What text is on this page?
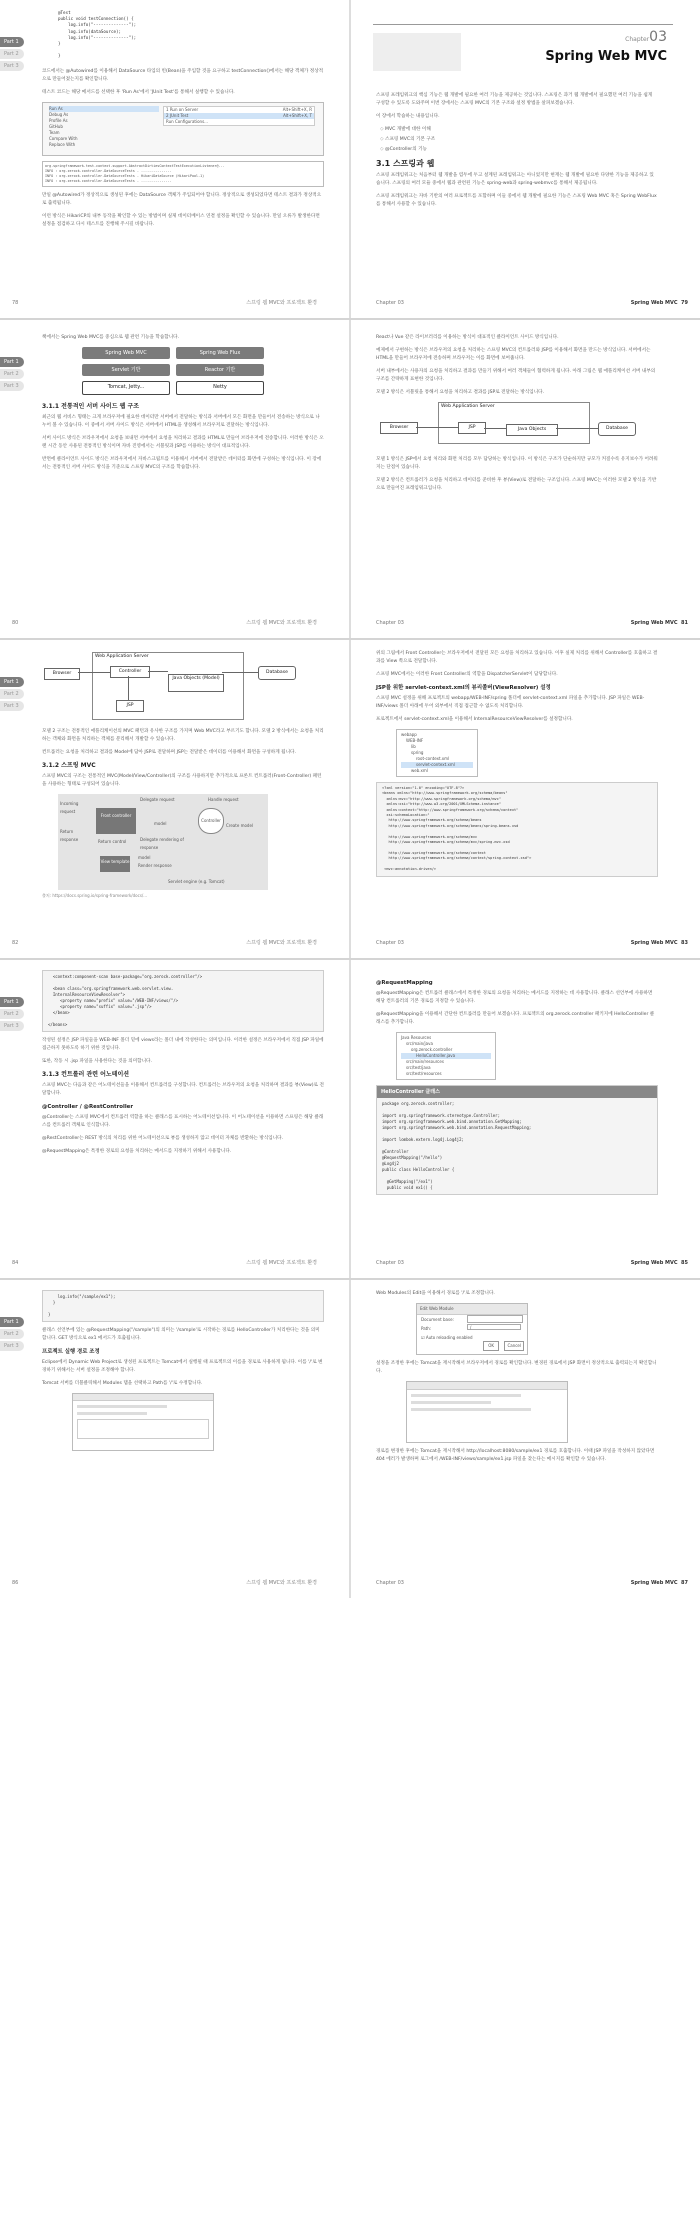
Part 1
Part 2
Part 3
@Test
public void testConnection() {
log.info("--------------");
log.info(dataSource);
log.info("--------------");
}

}

코드에서는 @Autowired를 이용해서 DataSource 타입의 빈(Bean)을 주입할 것을 요구하고 testConnection()에서는 해당 객체가 정상적으로 만들어졌는지를 확인합니다.

테스트 코드는 해당 메서드를 선택한 후 'Run As'에서 'JUnit Test'를 통해서 실행할 수 있습니다.

Run As
Debug As
Profile As
GitHub
Team
Compare With
Replace With
1 Run on Server	Alt+Shift+X, R
2 JUnit Test	Alt+Shift+X, T
Run Configurations...
org.springframework.test.context.support.AbstractDirtiesContextTestExecutionListener@...
INFO : org.zerock.controller.DataSourceTests - ---------------
INFO : org.zerock.controller.DataSourceTests - HikariDataSource (HikariPool-1)
INFO : org.zerock.controller.DataSourceTests - ---------------

만일 @Autowired가 정상적으로 생성된 후에는 DataSource 객체가 주입되어야 합니다. 정상적으로 생성되었다면 테스트 결과가 정상적으로 출력됩니다.

이런 방식은 HikariCP의 내부 동작을 확인할 수 있는 방법이며 실제 데이터베이스 연결 설정을 확인할 수 있습니다. 만일 오류가 발생한다면 설정을 점검하고 다시 테스트를 진행해 주시길 바랍니다.

78	스프링 웹 MVC와 프로젝트 환경
Chapter03
Spring Web MVC

스프링 프레임워크의 핵심 기능은 웹 개발에 필요한 여러 기능을 제공하는 것입니다. 스프링은 과거 웹 개발에서 필요했던 여러 기능을 쉽게 구성할 수 있도록 도와주며 이번 장에서는 스프링 MVC의 기본 구조와 설정 방법을 살펴보겠습니다.

이 장에서 학습하는 내용입니다.

◇ MVC 개발에 대한 이해
◇ 스프링 MVC의 기본 구조
◇ @Controller의 기능
3.1 스프링과 웹

스프링 프레임워크는 처음부터 웹 개발을 염두에 두고 설계된 프레임워크는 아니었지만 현재는 웹 개발에 필요한 다양한 기능을 제공하고 있습니다. 스프링의 여러 모듈 중에서 웹과 관련된 기능은 spring-web과 spring-webmvc를 통해서 제공됩니다.

스프링 프레임워크는 자바 기반의 여러 프로젝트를 포함하며 이들 중에서 웹 개발에 필요한 기능은 스프링 Web MVC 혹은 Spring WebFlux를 통해서 사용할 수 있습니다.

Chapter 03	Spring Web MVC 79
Part 1
Part 2
Part 3

책에서는 Spring Web MVC를 중심으로 웹 관련 기능을 학습합니다.

Spring Web MVC	Spring Web Flux
Servlet 기반	Reactor 기반
Tomcat, Jetty...	Netty
3.1.1 전통적인 서버 사이드 웹 구조

최근의 웹 서비스 형태는 크게 브라우저에 필요한 데이터만 서버에서 전달하는 방식과 서버에서 모든 화면을 만들어서 전송하는 방식으로 나누어 볼 수 있습니다. 이 중에서 서버 사이드 방식은 서버에서 HTML을 생성해서 브라우저로 전달하는 방식입니다.

서버 사이드 방식은 브라우저에서 요청을 보내면 서버에서 요청을 처리하고 결과를 HTML로 만들어 브라우저에 전송합니다. 이러한 방식은 오랜 시간 동안 사용된 전통적인 방식이며 자바 진영에서는 서블릿과 JSP를 이용하는 방식이 대표적입니다.

반면에 클라이언트 사이드 방식은 브라우저에서 자바스크립트를 이용해서 서버에서 전달받은 데이터를 화면에 구성하는 방식입니다. 이 장에서는 전통적인 서버 사이드 방식을 기준으로 스프링 MVC의 구조를 학습합니다.

80	스프링 웹 MVC와 프로젝트 환경

React나 Vue 같은 라이브러리를 이용하는 방식이 대표적인 클라이언트 사이드 방식입니다.

예제에서 구현하는 방식은 브라우저의 요청을 처리하는 스프링 MVC의 컨트롤러와 JSP를 이용해서 화면을 만드는 방식입니다. 서버에서는 HTML을 만들어 브라우저에 전송하며 브라우저는 이를 화면에 보여줍니다.

서버 내부에서는 사용자의 요청을 처리하고 결과를 만들기 위해서 여러 객체들이 협력하게 됩니다. 아래 그림은 웹 애플리케이션 서버 내부의 구조를 간략하게 표현한 것입니다.

모델 2 방식은 서블릿을 통해서 요청을 처리하고 결과를 JSP로 전달하는 방식입니다.

Web Application Server
Browser	JSP	Java Objects	Database

모델 1 방식은 JSP에서 요청 처리와 화면 처리를 모두 담당하는 방식입니다. 이 방식은 구조가 단순하지만 규모가 커질수록 유지보수가 어려워지는 단점이 있습니다.

모델 2 방식은 컨트롤러가 요청을 처리하고 데이터를 준비한 후 뷰(View)로 전달하는 구조입니다. 스프링 MVC는 이러한 모델 2 방식을 기반으로 만들어진 프레임워크입니다.

Chapter 03	Spring Web MVC 81
Part 1
Part 2
Part 3
Web Application Server
Browser	Controller
Java Objects (Model)
JSP
Database

모델 2 구조는 전통적인 애플리케이션의 MVC 패턴과 유사한 구조를 가지며 Web MVC라고 부르기도 합니다. 모델 2 방식에서는 요청을 처리하는 객체와 화면을 처리하는 객체를 분리해서 개발할 수 있습니다.

컨트롤러는 요청을 처리하고 결과를 Model에 담아 JSP로 전달하며 JSP는 전달받은 데이터를 이용해서 화면을 구성하게 됩니다.

3.1.2 스프링 MVC

스프링 MVC의 구조는 전통적인 MVC(Model/View/Controller)의 구조를 사용하지만 추가적으로 프론트 컨트롤러(Front-Controller) 패턴을 사용하는 형태로 구성되어 있습니다.

Incoming request
Return response
Front controller
Delegate request	Handle request
Controller
model	Create model
Return control	Delegate rendering of response
model
Render response
View template
Servlet engine (e.g. Tomcat)
출처: https://docs.spring.io/spring-framework/docs/...
82	스프링 웹 MVC와 프로젝트 환경

위의 그림에서 Front Controller는 브라우저에서 전달된 모든 요청을 처리하고 있습니다. 이후 실제 처리를 위해서 Controller를 호출하고 결과를 View 쪽으로 전달합니다.

스프링 MVC에서는 이러한 Front Controller의 역할을 DispatcherServlet이 담당합니다.

JSP를 위한 servlet-context.xml의 뷰리졸버(ViewResolver) 설정

스프링 MVC 설정을 위해 프로젝트의 webapp/WEB-INF/spring 폴더에 servlet-context.xml 파일을 추가합니다. JSP 파일은 WEB-INF/views 폴더 아래에 두어 외부에서 직접 접근할 수 없도록 처리합니다.

프로젝트에서 servlet-context.xml을 이용해서 InternalResourceViewResolver를 설정합니다.

webapp
WEB-INF
lib
spring
root-context.xml
servlet-context.xml
web.xml
<?xml version="1.0" encoding="UTF-8"?>
<beans xmlns="http://www.springframework.org/schema/beans"
xmlns:mvc="http://www.springframework.org/schema/mvc"
xmlns:xsi="http://www.w3.org/2001/XMLSchema-instance"
xmlns:context="http://www.springframework.org/schema/context"
xsi:schemaLocation="
http://www.springframework.org/schema/beans
http://www.springframework.org/schema/beans/spring-beans.xsd

http://www.springframework.org/schema/mvc
http://www.springframework.org/schema/mvc/spring-mvc.xsd

http://www.springframework.org/schema/context
http://www.springframework.org/schema/context/spring-context.xsd">

<mvc:annotation-driven/>
Chapter 03	Spring Web MVC 83
Part 1
Part 2
Part 3
<context:component-scan base-package="org.zerock.controller"/>

<bean class="org.springframework.web.servlet.view.
InternalResourceViewResolver">
<property name="prefix" value="/WEB-INF/views/"/>
<property name="suffix" value=".jsp"/>
</bean>

</beans>

작성된 설정은 JSP 파일들을 WEB-INF 폴더 밑에 views라는 폴더 내에 작성한다는 의미입니다. 이러한 설정은 브라우저에서 직접 JSP 파일에 접근하지 못하도록 하기 위한 것입니다.

또한, 작동 시 .jsp 파일을 사용한다는 것을 의미합니다.

3.1.3 컨트롤러 관련 어노테이션

스프링 MVC는 다음과 같은 어노테이션들을 이용해서 컨트롤러를 구성합니다. 컨트롤러는 브라우저의 요청을 처리하며 결과를 뷰(View)로 전달합니다.

@Controller / @RestController

@Controller는 스프링 MVC에서 컨트롤러 역할을 하는 클래스를 표시하는 어노테이션입니다. 이 어노테이션을 이용하면 스프링은 해당 클래스를 컨트롤러 객체로 인식합니다.

@RestController는 REST 방식의 처리를 위한 어노테이션으로 뷰를 생성하지 않고 데이터 자체를 반환하는 방식입니다.

@RequestMapping은 특정한 경로의 요청을 처리하는 메서드를 지정하기 위해서 사용합니다.

84	스프링 웹 MVC와 프로젝트 환경
@RequestMapping

@RequestMapping은 컨트롤러 클래스에서 특정한 경로의 요청을 처리하는 메서드를 지정하는 데 사용합니다. 클래스 선언부에 사용하면 해당 컨트롤러의 기본 경로를 지정할 수 있습니다.

@RequestMapping을 이용해서 간단한 컨트롤러를 만들어 보겠습니다. 프로젝트의 org.zerock.controller 패키지에 HelloController 클래스를 추가합니다.

Java Resources
src/main/java
org.zerock.controller
HelloController.java
src/main/resources
src/test/java
src/test/resources
HelloController 클래스
package org.zerock.controller;

import org.springframework.stereotype.Controller;
import org.springframework.web.bind.annotation.GetMapping;
import org.springframework.web.bind.annotation.RequestMapping;

import lombok.extern.log4j.Log4j2;

@Controller
@RequestMapping("/hello")
@Log4j2
public class HelloController {

@GetMapping("/ex1")
public void ex1() {
Chapter 03	Spring Web MVC 85
Part 1
Part 2
Part 3
log.info("/sample/ex1");
}

}

클래스 선언부에 있는 @RequestMapping("/sample")의 의미는 '/sample'로 시작하는 경로를 HelloController가 처리한다는 것을 의미합니다. GET 방식으로 ex1 메서드가 호출됩니다.

프로젝트 실행 경로 조정

Eclipse에서 Dynamic Web Project로 생성된 프로젝트는 Tomcat에서 실행될 때 프로젝트의 이름을 경로로 사용하게 됩니다. 이를 '/'로 변경하기 위해서는 서버 설정을 조정해야 합니다.

Tomcat 서버를 더블클릭해서 Modules 탭을 선택하고 Path를 '/'로 수정합니다.

86	스프링 웹 MVC와 프로젝트 환경

Web Modules의 Edit을 이용해서 경로를 '/'로 조정합니다.

Edit Web Module
Document base:
Path:	/
☑ Auto reloading enabled
OK	Cancel

설정을 조정한 후에는 Tomcat을 재시작해서 브라우저에서 경로를 확인합니다. 변경된 경로에서 JSP 화면이 정상적으로 출력되는지 확인합니다.

경로를 변경한 후에는 Tomcat을 재시작해서 http://localhost:8080/sample/ex1 경로를 호출합니다. 이때 JSP 파일을 작성하지 않았다면 404 에러가 발생하며 로그에서 /WEB-INF/views/sample/ex1.jsp 파일을 찾는다는 메시지를 확인할 수 있습니다.

Chapter 03	Spring Web MVC 87
